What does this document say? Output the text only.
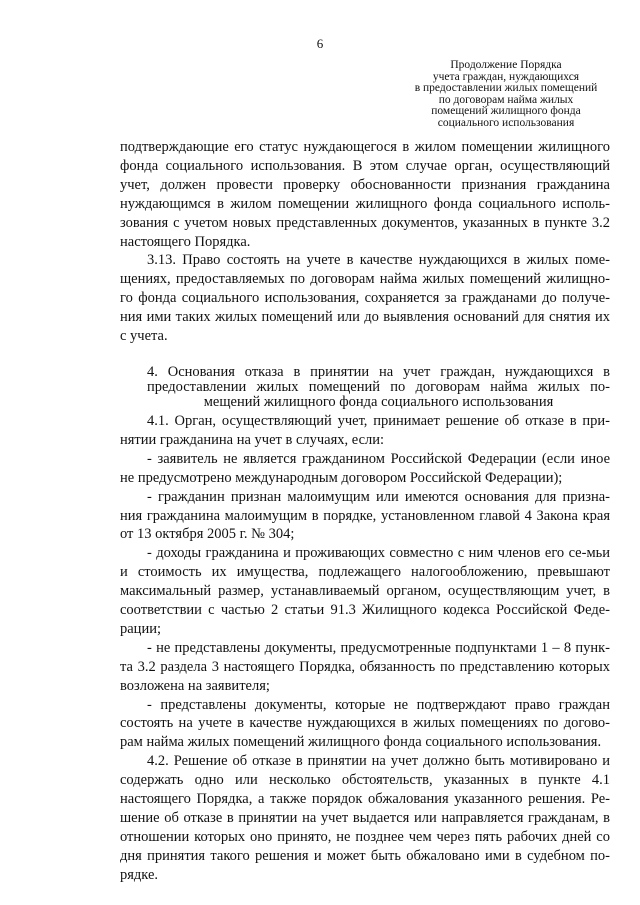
6
Продолжение Порядка
учета граждан, нуждающихся
в предоставлении жилых помещений
по договорам найма жилых
помещений жилищного фонда
социального использования

подтверждающие его статус нуждающегося в жилом помещении жилищного фонда социального использования. В этом случае орган, осуществляющий учет, должен провести проверку обоснованности признания гражданина нуждающимся в жилом помещении жилищного фонда социального исполь-зования с учетом новых представленных документов, указанных в пункте 3.2 настоящего Порядка.

3.13. Право состоять на учете в качестве нуждающихся в жилых поме-щениях, предоставляемых по договорам найма жилых помещений жилищно-го фонда социального использования, сохраняется за гражданами до получе-ния ими таких жилых помещений или до выявления оснований для снятия их с учета.

4. Основания отказа в принятии на учет граждан, нуждающихся в предоставлении жилых помещений по договорам найма жилых по-мещений жилищного фонда социального использования

4.1. Орган, осуществляющий учет, принимает решение об отказе в при-нятии гражданина на учет в случаях, если:

- заявитель не является гражданином Российской Федерации (если иное не предусмотрено международным договором Российской Федерации);

- гражданин признан малоимущим или имеются основания для призна-ния гражданина малоимущим в порядке, установленном главой 4 Закона края от 13 октября 2005 г. № 304;

- доходы гражданина и проживающих совместно с ним членов его се-мьи и стоимость их имущества, подлежащего налогообложению, превышают максимальный размер, устанавливаемый органом, осуществляющим учет, в соответствии с частью 2 статьи 91.3 Жилищного кодекса Российской Феде-рации;

- не представлены документы, предусмотренные подпунктами 1 – 8 пунк-та 3.2 раздела 3 настоящего Порядка, обязанность по представлению которых возложена на заявителя;

- представлены документы, которые не подтверждают право граждан состоять на учете в качестве нуждающихся в жилых помещениях по догово-рам найма жилых помещений жилищного фонда социального использования.

4.2. Решение об отказе в принятии на учет должно быть мотивировано и содержать одно или несколько обстоятельств, указанных в пункте 4.1 настоящего Порядка, а также порядок обжалования указанного решения. Ре-шение об отказе в принятии на учет выдается или направляется гражданам, в отношении которых оно принято, не позднее чем через пять рабочих дней со дня принятия такого решения и может быть обжаловано ими в судебном по-рядке.
